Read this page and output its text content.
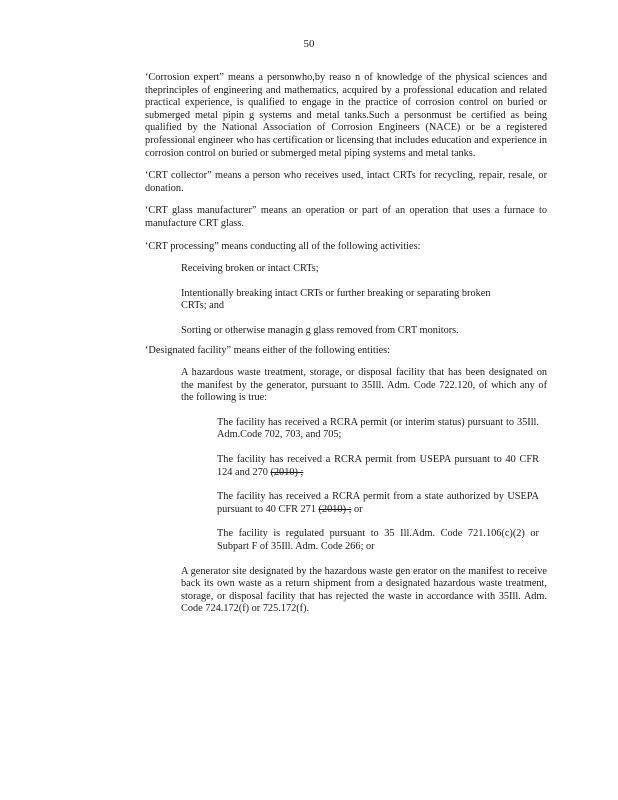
50

‘Corrosion expert” means a personwho,by reaso n of knowledge of the physical sciences and theprinciples of engineering and mathematics, acquired by a professional education and related practical experience, is qualified to engage in the practice of corrosion control on buried or submerged metal pipin g systems and metal tanks.Such a personmust be certified as being qualified by the National Association of Corrosion Engineers (NACE) or be a registered professional engineer who has certification or licensing that includes education and experience in corrosion control on buried or submerged metal piping systems and metal tanks.

‘CRT collector” means a person who receives used, intact CRTs for recycling, repair, resale, or donation.

‘CRT glass manufacturer” means an operation or part of an operation that uses a furnace to manufacture CRT glass.

‘CRT processing” means conducting all of the following activities:

Receiving broken or intact CRTs;

Intentionally breaking intact CRTs or further breaking or separating broken CRTs; and

Sorting or otherwise managin g glass removed from CRT monitors.

‘Designated facility” means either of the following entities:

A hazardous waste treatment, storage, or disposal facility that has been designated on the manifest by the generator, pursuant to 35Ill. Adm. Code 722.120, of which any of the following is true:

The facility has received a RCRA permit (or interim status) pursuant to 35Ill. Adm.Code 702, 703, and 705;

The facility has received a RCRA permit from USEPA pursuant to 40 CFR 124 and 270 (2010) ;

The facility has received a RCRA permit from a state authorized by USEPA pursuant to 40 CFR 271 (2010) ; or

The facility is regulated pursuant to 35 Ill.Adm. Code 721.106(c)(2) or Subpart F of 35Ill. Adm. Code 266; or

A generator site designated by the hazardous waste gen erator on the manifest to receive back its own waste as a return shipment from a designated hazardous waste treatment, storage, or disposal facility that has rejected the waste in accordance with 35Ill. Adm. Code 724.172(f) or 725.172(f).
